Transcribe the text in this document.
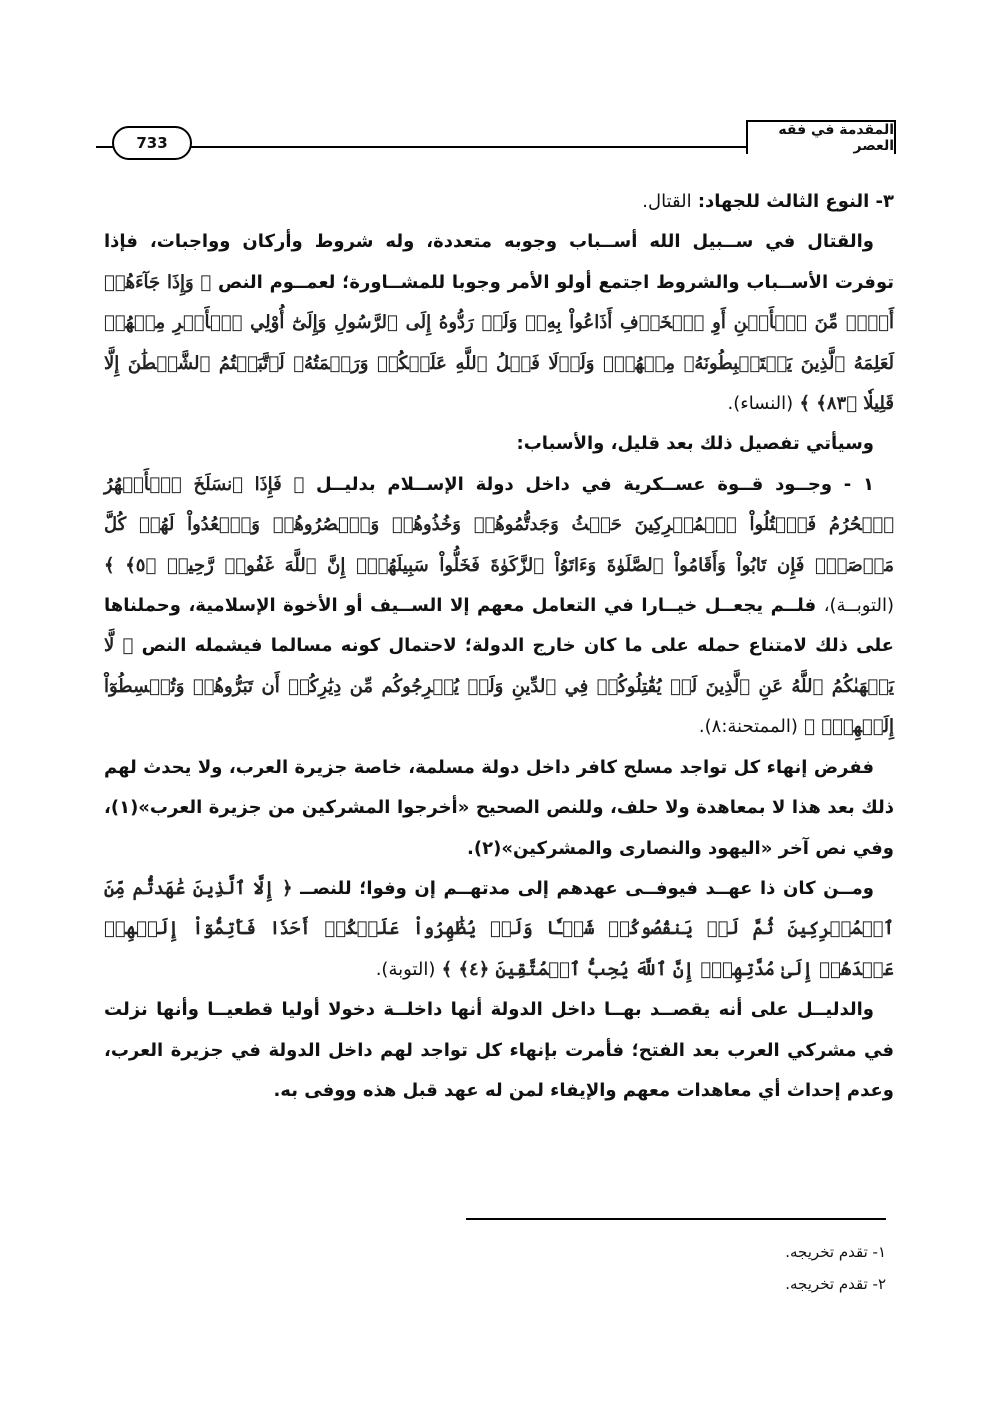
المقدمة في فقه العصر
733

٣- النوع الثالث للجهاد: القتال.

والقتال في ســبيل الله أســباب وجوبه متعددة، وله شروط وأركان وواجبات، فإذا توفرت الأســباب والشروط اجتمع أولو الأمر وجوبا للمشــاورة؛ لعمــوم النص ﴿ وَإِذَا جَآءَهُمۡ أَمۡرٞ مِّنَ ٱلۡأَمۡنِ أَوِ ٱلۡخَوۡفِ أَذَاعُواْ بِهِۦۖ وَلَوۡ رَدُّوهُ إِلَى ٱلرَّسُولِ وَإِلَىٰٓ أُوْلِي ٱلۡأَمۡرِ مِنۡهُمۡ لَعَلِمَهُ ٱلَّذِينَ يَسۡتَنۢبِطُونَهُۥ مِنۡهُمۡۗ وَلَوۡلَا فَضۡلُ ٱللَّهِ عَلَيۡكُمۡ وَرَحۡمَتُهُۥ لَٱتَّبَعۡتُمُ ٱلشَّيۡطَٰنَ إِلَّا قَلِيلٗا ﴿٨٣﴾ ﴾ (النساء).

وسيأتي تفصيل ذلك بعد قليل، والأسباب:

١ - وجــود قــوة عســكرية في داخل دولة الإســلام بدليــل ﴿ فَإِذَا ٱنسَلَخَ ٱلۡأَشۡهُرُ ٱلۡحُرُمُ فَٱقۡتُلُواْ ٱلۡمُشۡرِكِينَ حَيۡثُ وَجَدتُّمُوهُمۡ وَخُذُوهُمۡ وَٱحۡصُرُوهُمۡ وَٱقۡعُدُواْ لَهُمۡ كُلَّ مَرۡصَدٖۚ فَإِن تَابُواْ وَأَقَامُواْ ٱلصَّلَوٰةَ وَءَاتَوُاْ ٱلزَّكَوٰةَ فَخَلُّواْ سَبِيلَهُمۡۚ إِنَّ ٱللَّهَ غَفُورٞ رَّحِيمٞ ﴿٥﴾ ﴾ (التوبــة)، فلــم يجعــل خيــارا في التعامل معهم إلا الســيف أو الأخوة الإسلامية، وحملناها على ذلك لامتناع حمله على ما كان خارج الدولة؛ لاحتمال كونه مسالما فيشمله النص ﴿ لَّا يَنۡهَىٰكُمُ ٱللَّهُ عَنِ ٱلَّذِينَ لَمۡ يُقَٰتِلُوكُمۡ فِي ٱلدِّينِ وَلَمۡ يُخۡرِجُوكُم مِّن دِيَٰرِكُمۡ أَن تَبَرُّوهُمۡ وَتُقۡسِطُوٓاْ إِلَيۡهِمۡۚ ﴾ (الممتحنة:٨).

ففرض إنهاء كل تواجد مسلح كافر داخل دولة مسلمة، خاصة جزيرة العرب، ولا يحدث لهم ذلك بعد هذا لا بمعاهدة ولا حلف، وللنص الصحيح «أخرجوا المشركين من جزيرة العرب»(١)، وفي نص آخر «اليهود والنصارى والمشركين»(٢).

ومــن كان ذا عهــد فيوفــى عهدهم إلى مدتهــم إن وفوا؛ للنصــ ﴿ إِلَّا ٱلَّذِينَ عَٰهَدتُّم مِّنَ ٱلۡمُشۡرِكِينَ ثُمَّ لَمۡ يَنقُصُوكُمۡ شَيۡـٔٗا وَلَمۡ يُظَٰهِرُواْ عَلَيۡكُمۡ أَحَدٗا فَأَتِمُّوٓاْ إِلَيۡهِمۡ عَهۡدَهُمۡ إِلَىٰ مُدَّتِهِمۡۚ إِنَّ ٱللَّهَ يُحِبُّ ٱلۡمُتَّقِينَ ﴿٤﴾ ﴾ (التوبة).

والدليــل على أنه يقصــد بهــا داخل الدولة أنها داخلــة دخولا أوليا قطعيــا وأنها نزلت في مشركي العرب بعد الفتح؛ فأمرت بإنهاء كل تواجد لهم داخل الدولة في جزيرة العرب، وعدم إحداث أي معاهدات معهم والإيفاء لمن له عهد قبل هذه ووفى به.

١- تقدم تخريجه.

٢- تقدم تخريجه.
